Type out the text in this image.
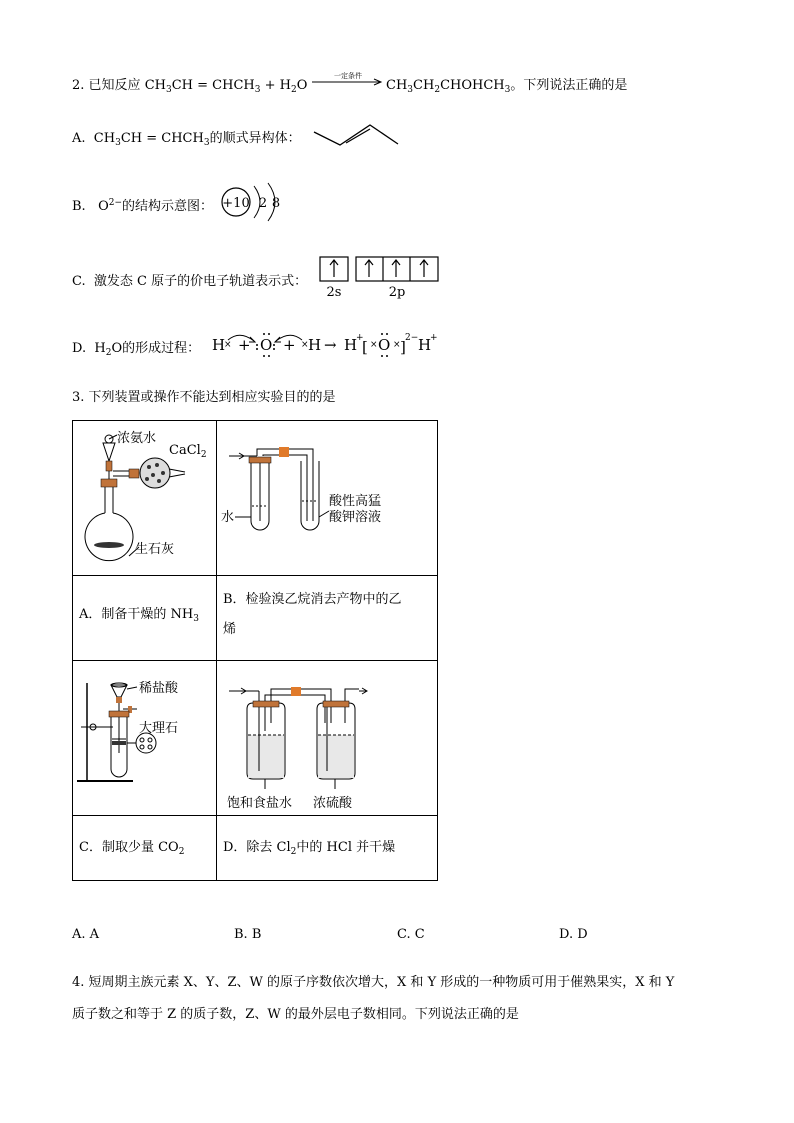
2. 已知反应 $CH_3CH$ = $CHCH_3 + H_2O$
一定条件
$CH_3CH_2CHOHCH_3$。下列说法正确的是
A. $CH_3CH$ = $CHCH_3$的顺式异构体：
B. $O^{2-}$的结构示意图： +10 2 8
C. 激发态 C 原子的价电子轨道表示式：
2s	2p
D. $H_2O$的形成过程： H
× + O + × H → H
+
[ × O × ] 2− H
+
3. 下列装置或操作不能达到相应实验目的的是
浓氨水
CaCl$_2$
生石灰	水
酸性高猛
酸钾溶液

A．制备干燥的 $NH_3$	B．检验溴乙烷消去产物中的乙
烯

稀盐酸
大理石	饱和食盐水 浓硫酸

C．制取少量 $CO_2$	D．除去 $Cl_2$中的 HCl 并干燥
A. A	B. B	C. C	D. D
4. 短周期主族元素 X、Y、Z、W 的原子序数依次增大，X 和 Y 形成的一种物质可用于催熟果实，X 和 Y
质子数之和等于 Z 的质子数，Z、W 的最外层电子数相同。下列说法正确的是
